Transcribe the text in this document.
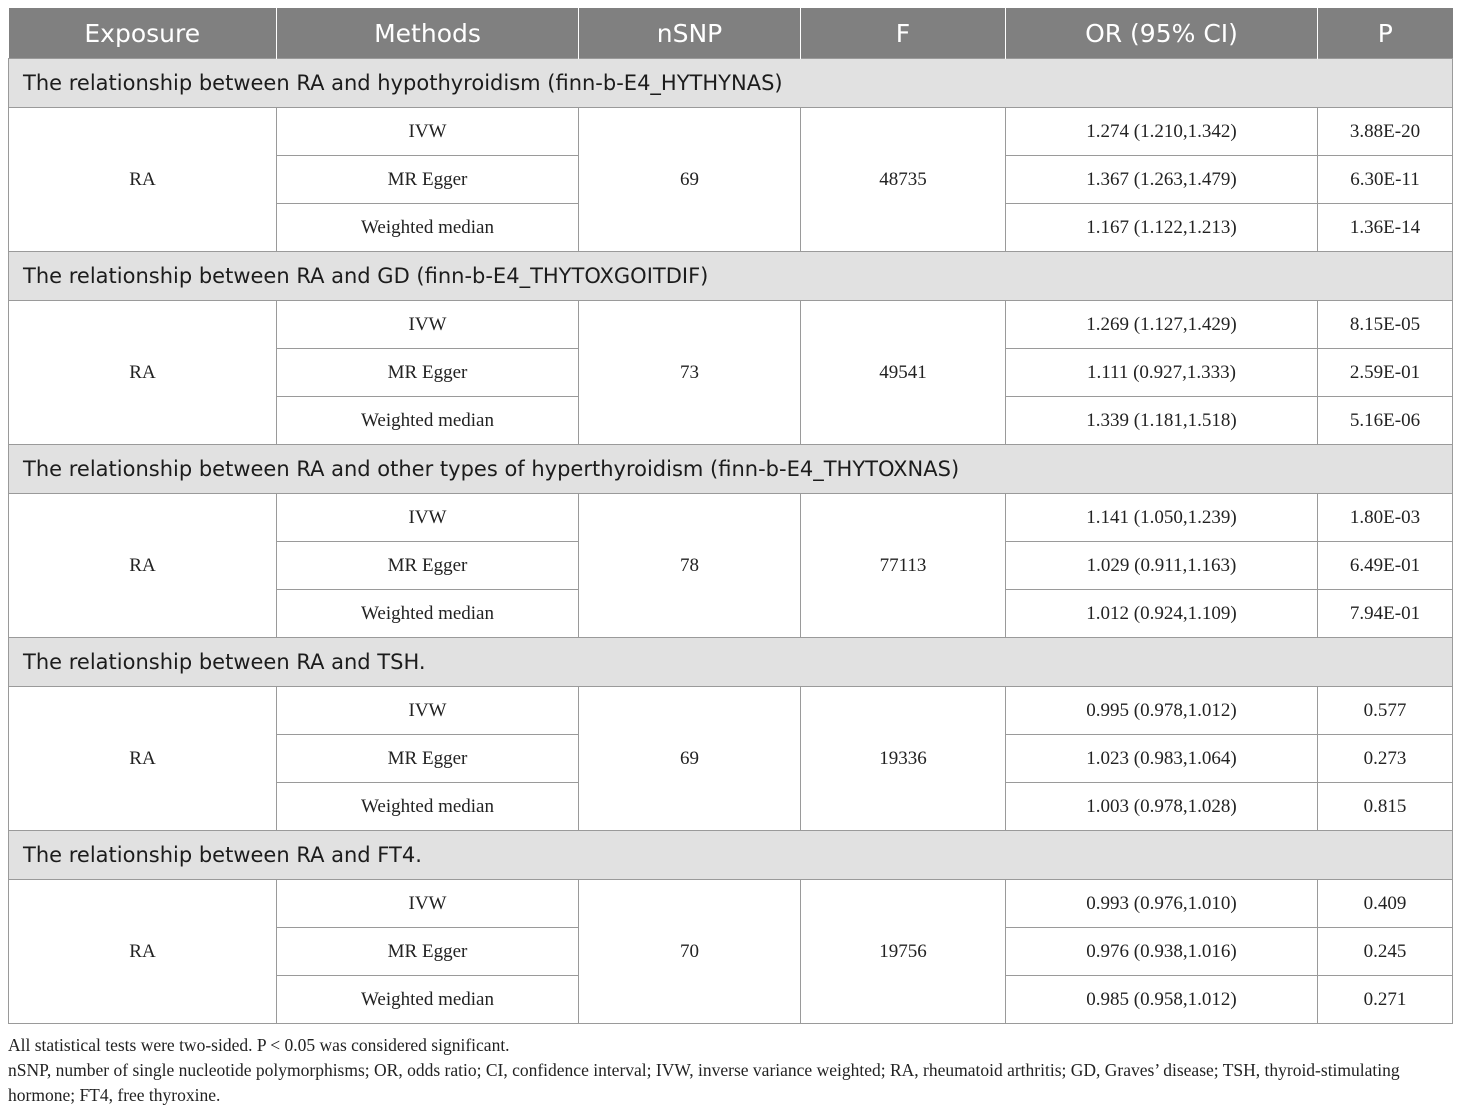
Exposure	Methods	nSNP	F	OR (95% CI)	P
The relationship between RA and hypothyroidism (finn-b-E4_HYTHYNAS)					
RA	IVW	69	48735	1.274 (1.210,1.342)	3.88E-20
	MR Egger			1.367 (1.263,1.479)	6.30E-11
	Weighted median			1.167 (1.122,1.213)	1.36E-14
The relationship between RA and GD (finn-b-E4_THYTOXGOITDIF)					
RA	IVW	73	49541	1.269 (1.127,1.429)	8.15E-05
	MR Egger			1.111 (0.927,1.333)	2.59E-01
	Weighted median			1.339 (1.181,1.518)	5.16E-06
The relationship between RA and other types of hyperthyroidism (finn-b-E4_THYTOXNAS)					
RA	IVW	78	77113	1.141 (1.050,1.239)	1.80E-03
	MR Egger			1.029 (0.911,1.163)	6.49E-01
	Weighted median			1.012 (0.924,1.109)	7.94E-01
The relationship between RA and TSH.					
RA	IVW	69	19336	0.995 (0.978,1.012)	0.577
	MR Egger			1.023 (0.983,1.064)	0.273
	Weighted median			1.003 (0.978,1.028)	0.815
The relationship between RA and FT4.					
RA	IVW	70	19756	0.993 (0.976,1.010)	0.409
	MR Egger			0.976 (0.938,1.016)	0.245
	Weighted median			0.985 (0.958,1.012)	0.271

All statistical tests were two-sided. P < 0.05 was considered significant.

nSNP, number of single nucleotide polymorphisms; OR, odds ratio; CI, confidence interval; IVW, inverse variance weighted; RA, rheumatoid arthritis; GD, Graves’ disease; TSH, thyroid-stimulating hormone; FT4, free thyroxine.
